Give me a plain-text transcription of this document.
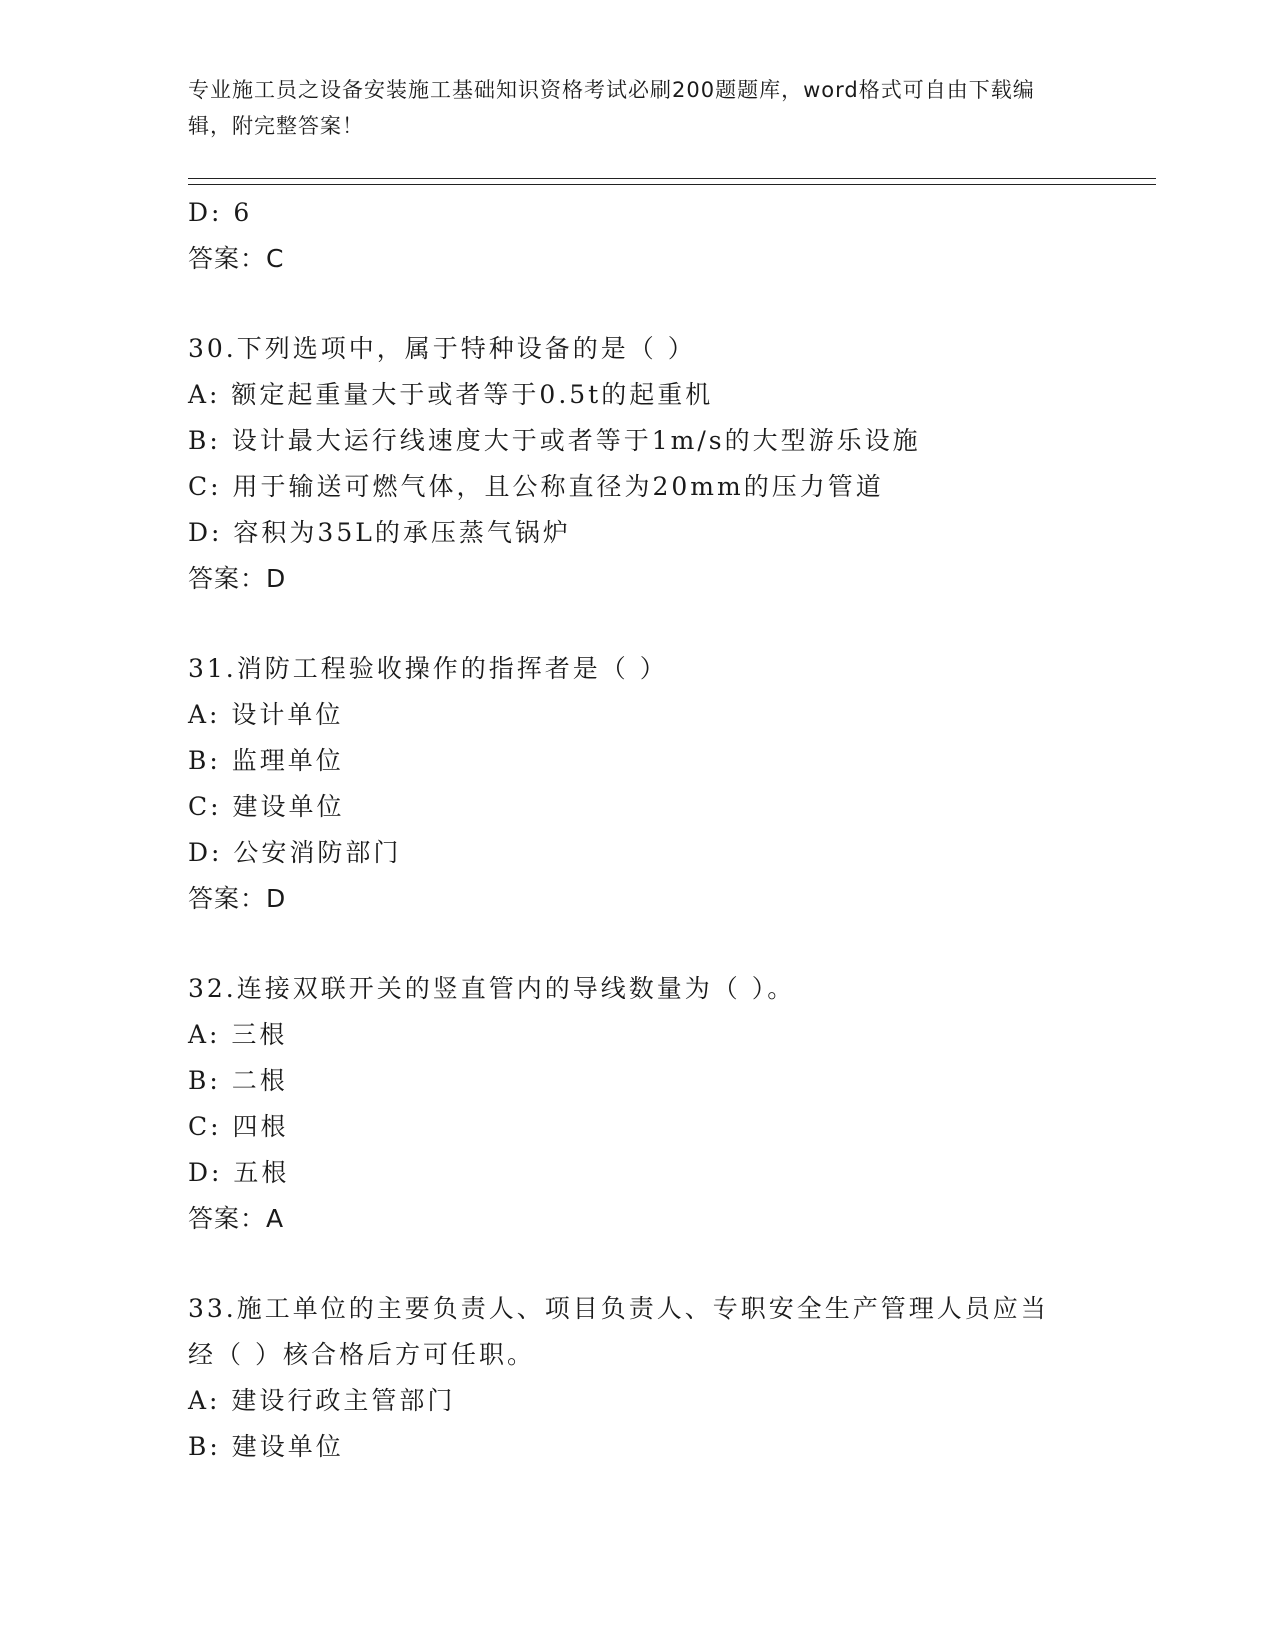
专业施工员之设备安装施工基础知识资格考试必刷200题题库，word格式可自由下载编辑，附完整答案！
D: 6
答案：C
30.下列选项中，属于特种设备的是（ ）
A: 额定起重量大于或者等于0.5t的起重机
B: 设计最大运行线速度大于或者等于1m/s的大型游乐设施
C: 用于输送可燃气体，且公称直径为20mm的压力管道
D: 容积为35L的承压蒸气锅炉
答案：D
31.消防工程验收操作的指挥者是（ ）
A: 设计单位
B: 监理单位
C: 建设单位
D: 公安消防部门
答案：D
32.连接双联开关的竖直管内的导线数量为（ ）。
A: 三根
B: 二根
C: 四根
D: 五根
答案：A
33.施工单位的主要负责人、项目负责人、专职安全生产管理人员应当
经（ ）核合格后方可任职。
A: 建设行政主管部门
B: 建设单位
